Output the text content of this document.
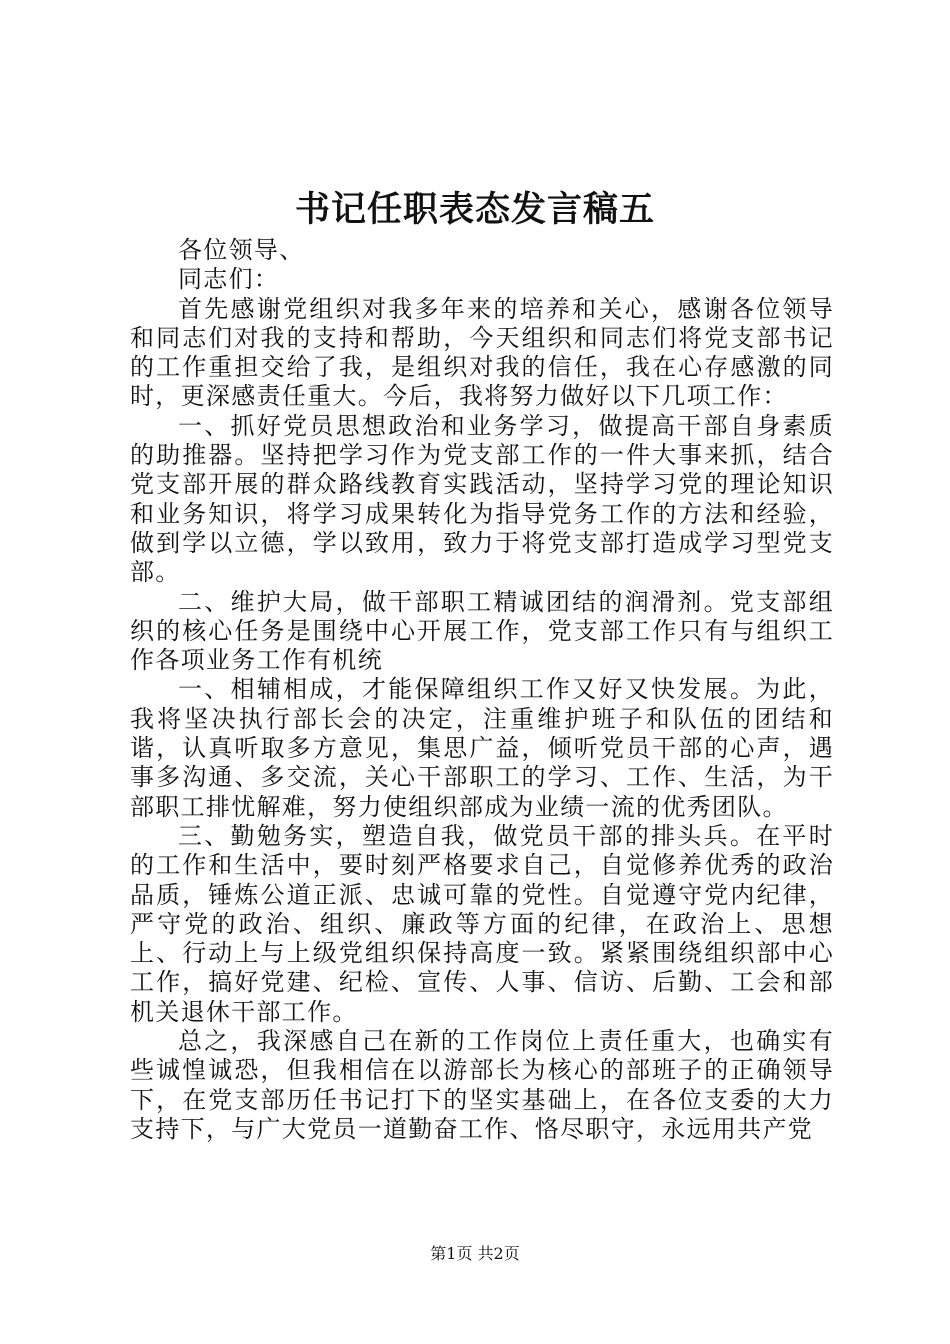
书记任职表态发言稿五

各位领导、

同志们：

首先感谢党组织对我多年来的培养和关心，感谢各位领导和同志们对我的支持和帮助，今天组织和同志们将党支部书记的工作重担交给了我，是组织对我的信任，我在心存感激的同时，更深感责任重大。今后，我将努力做好以下几项工作：

一、抓好党员思想政治和业务学习，做提高干部自身素质的助推器。坚持把学习作为党支部工作的一件大事来抓，结合党支部开展的群众路线教育实践活动，坚持学习党的理论知识和业务知识，将学习成果转化为指导党务工作的方法和经验，做到学以立德，学以致用，致力于将党支部打造成学习型党支部。

二、维护大局，做干部职工精诚团结的润滑剂。党支部组织的核心任务是围绕中心开展工作，党支部工作只有与组织工作各项业务工作有机统

一、相辅相成，才能保障组织工作又好又快发展。为此，我将坚决执行部长会的决定，注重维护班子和队伍的团结和谐，认真听取多方意见，集思广益，倾听党员干部的心声，遇事多沟通、多交流，关心干部职工的学习、工作、生活，为干部职工排忧解难，努力使组织部成为业绩一流的优秀团队。

三、勤勉务实，塑造自我，做党员干部的排头兵。在平时的工作和生活中，要时刻严格要求自己，自觉修养优秀的政治品质，锤炼公道正派、忠诚可靠的党性。自觉遵守党内纪律，严守党的政治、组织、廉政等方面的纪律，在政治上、思想上、行动上与上级党组织保持高度一致。紧紧围绕组织部中心工作，搞好党建、纪检、宣传、人事、信访、后勤、工会和部机关退休干部工作。

总之，我深感自己在新的工作岗位上责任重大，也确实有些诚惶诚恐，但我相信在以游部长为核心的部班子的正确领导下，在党支部历任书记打下的坚实基础上，在各位支委的大力支持下，与广大党员一道勤奋工作、恪尽职守，永远用共产党

第1页 共2页
